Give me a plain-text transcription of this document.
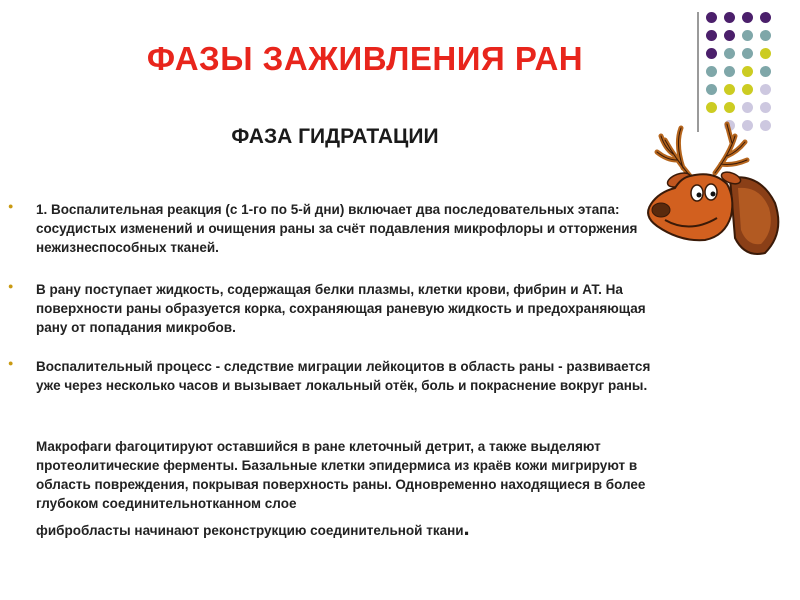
ФАЗЫ ЗАЖИВЛЕНИЯ РАН
ФАЗА ГИДРАТАЦИИ
● 1. Воспалительная реакция (с 1-го по 5-й дни) включает два последовательных этапа: сосудистых изменений и очищения раны за счёт подавления микрофлоры и отторжения нежизнеспособных тканей.
● В рану поступает жидкость, содержащая белки плазмы, клетки крови, фибрин и АТ. На поверхности раны образуется корка, сохраняющая раневую жидкость и предохраняющая рану от попадания микробов.
● Воспалительный процесс - следствие миграции лейкоцитов в область раны - развивается уже через несколько часов и вызывает локальный отёк, боль и покраснение вокруг раны.
Макрофаги фагоцитируют оставшийся в ране клеточный детрит, а также выделяют протеолитические ферменты. Базальные клетки эпидермиса из краёв кожи мигрируют в область повреждения, покрывая поверхность раны. Одновременно находящиеся в более глубоком соединительнотканном слое
фибробласты начинают реконструкцию соединительной ткани.
